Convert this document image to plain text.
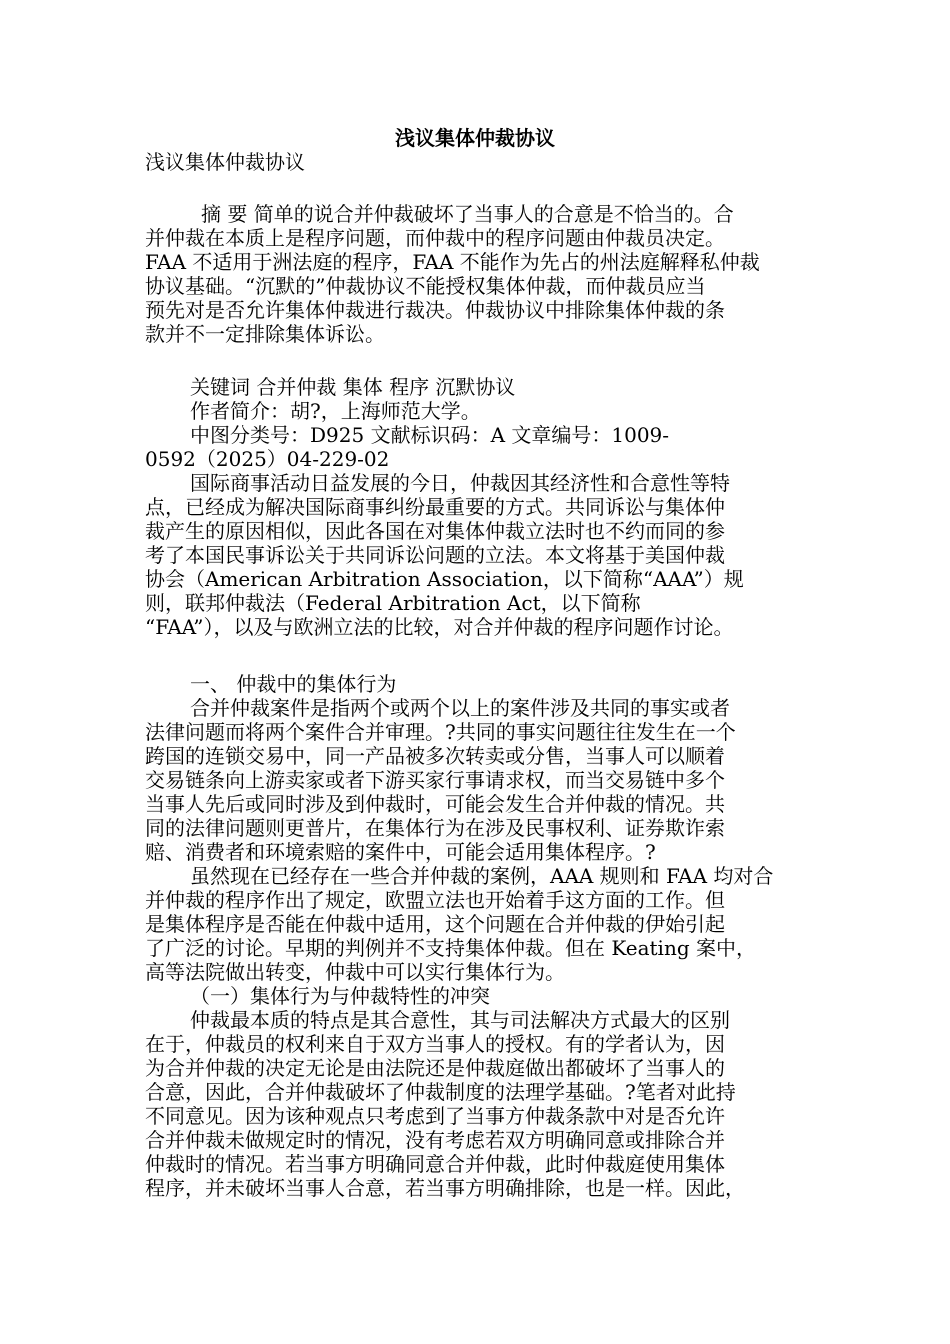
浅议集体仲裁协议
浅议集体仲裁协议
摘 要 简单的说合并仲裁破坏了当事人的合意是不恰当的。合
并仲裁在本质上是程序问题，而仲裁中的程序问题由仲裁员决定。
FAA 不适用于洲法庭的程序，FAA 不能作为先占的州法庭解释私仲裁
协议基础。“沉默的”仲裁协议不能授权集体仲裁，而仲裁员应当
预先对是否允许集体仲裁进行裁决。仲裁协议中排除集体仲裁的条
款并不一定排除集体诉讼。
关键词 合并仲裁 集体 程序 沉默协议
作者简介：胡?，上海师范大学。
中图分类号：D925 文献标识码：A 文章编号：1009-
0592（2025）04-229-02
国际商事活动日益发展的今日，仲裁因其经济性和合意性等特
点，已经成为解决国际商事纠纷最重要的方式。共同诉讼与集体仲
裁产生的原因相似，因此各国在对集体仲裁立法时也不约而同的参
考了本国民事诉讼关于共同诉讼问题的立法。本文将基于美国仲裁
协会（American Arbitration Association，以下简称“AAA”）规
则，联邦仲裁法（Federal Arbitration Act，以下简称
“FAA”），以及与欧洲立法的比较，对合并仲裁的程序问题作讨论。
一、 仲裁中的集体行为
合并仲裁案件是指两个或两个以上的案件涉及共同的事实或者
法律问题而将两个案件合并审理。?共同的事实问题往往发生在一个
跨国的连锁交易中，同一产品被多次转卖或分售，当事人可以顺着
交易链条向上游卖家或者下游买家行事请求权，而当交易链中多个
当事人先后或同时涉及到仲裁时，可能会发生合并仲裁的情况。共
同的法律问题则更普片，在集体行为在涉及民事权利、证券欺诈索
赔、消费者和环境索赔的案件中，可能会适用集体程序。?
虽然现在已经存在一些合并仲裁的案例，AAA 规则和 FAA 均对合
并仲裁的程序作出了规定，欧盟立法也开始着手这方面的工作。但
是集体程序是否能在仲裁中适用，这个问题在合并仲裁的伊始引起
了广泛的讨论。早期的判例并不支持集体仲裁。但在 Keating 案中，
高等法院做出转变，仲裁中可以实行集体行为。
（一）集体行为与仲裁特性的冲突
仲裁最本质的特点是其合意性，其与司法解决方式最大的区别
在于，仲裁员的权利来自于双方当事人的授权。有的学者认为，因
为合并仲裁的决定无论是由法院还是仲裁庭做出都破坏了当事人的
合意，因此，合并仲裁破坏了仲裁制度的法理学基础。?笔者对此持
不同意见。因为该种观点只考虑到了当事方仲裁条款中对是否允许
合并仲裁未做规定时的情况，没有考虑若双方明确同意或排除合并
仲裁时的情况。若当事方明确同意合并仲裁，此时仲裁庭使用集体
程序，并未破坏当事人合意，若当事方明确排除，也是一样。因此，
